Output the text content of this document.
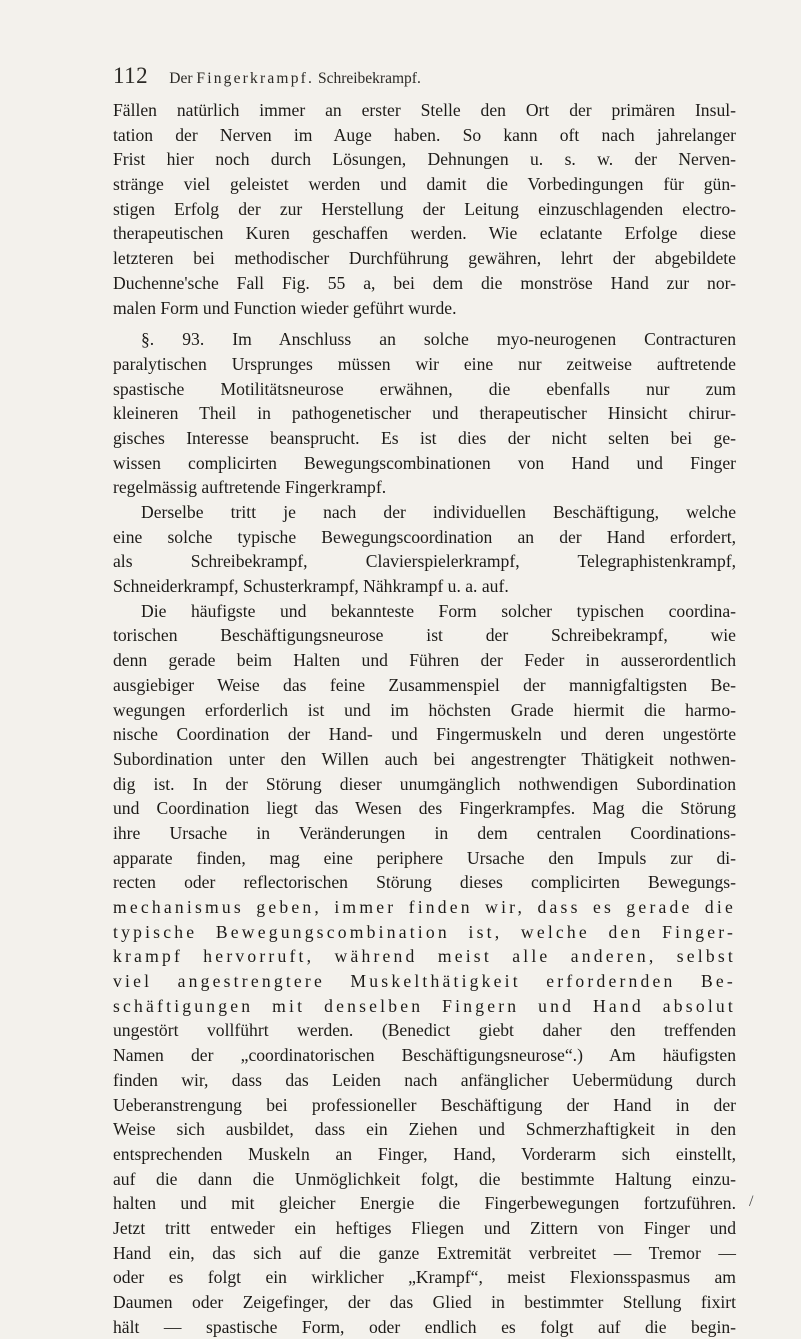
112 Der Fingerkrampf. Schreibekrampf.
Fällen natürlich immer an erster Stelle den Ort der primären Insul-
tation der Nerven im Auge haben. So kann oft nach jahrelanger
Frist hier noch durch Lösungen, Dehnungen u. s. w. der Nerven-
stränge viel geleistet werden und damit die Vorbedingungen für gün-
stigen Erfolg der zur Herstellung der Leitung einzuschlagenden electro-
therapeutischen Kuren geschaffen werden. Wie eclatante Erfolge diese
letzteren bei methodischer Durchführung gewähren, lehrt der abgebildete
Duchenne'sche Fall Fig. 55 a, bei dem die monströse Hand zur nor-
malen Form und Function wieder geführt wurde.
§. 93. Im Anschluss an solche myo-neurogenen Contracturen
paralytischen Ursprunges müssen wir eine nur zeitweise auftretende
spastische Motilitätsneurose erwähnen, die ebenfalls nur zum
kleineren Theil in pathogenetischer und therapeutischer Hinsicht chirur-
gisches Interesse beansprucht. Es ist dies der nicht selten bei ge-
wissen complicirten Bewegungscombinationen von Hand und Finger
regelmässig auftretende Fingerkrampf.
Derselbe tritt je nach der individuellen Beschäftigung, welche
eine solche typische Bewegungscoordination an der Hand erfordert,
als Schreibekrampf, Clavierspielerkrampf, Telegraphistenkrampf,
Schneiderkrampf, Schusterkrampf, Nähkrampf u. a. auf.
Die häufigste und bekannteste Form solcher typischen coordina-
torischen Beschäftigungsneurose ist der Schreibekrampf, wie
denn gerade beim Halten und Führen der Feder in ausserordentlich
ausgiebiger Weise das feine Zusammenspiel der mannigfaltigsten Be-
wegungen erforderlich ist und im höchsten Grade hiermit die harmo-
nische Coordination der Hand- und Fingermuskeln und deren ungestörte
Subordination unter den Willen auch bei angestrengter Thätigkeit nothwen-
dig ist. In der Störung dieser unumgänglich nothwendigen Subordination
und Coordination liegt das Wesen des Fingerkrampfes. Mag die Störung
ihre Ursache in Veränderungen in dem centralen Coordinations-
apparate finden, mag eine periphere Ursache den Impuls zur di-
recten oder reflectorischen Störung dieses complicirten Bewegungs-
mechanismus geben, immer finden wir, dass es gerade die
typische Bewegungscombination ist, welche den Finger-
krampf hervorruft, während meist alle anderen, selbst
viel angestrengtere Muskelthätigkeit erfordernden Be-
schäftigungen mit denselben Fingern und Hand absolut
ungestört vollführt werden. (Benedict giebt daher den treffenden
Namen der „coordinatorischen Beschäftigungsneurose“.) Am häufigsten
finden wir, dass das Leiden nach anfänglicher Uebermüdung durch
Ueberanstrengung bei professioneller Beschäftigung der Hand in der
Weise sich ausbildet, dass ein Ziehen und Schmerzhaftigkeit in den
entsprechenden Muskeln an Finger, Hand, Vorderarm sich einstellt,
auf die dann die Unmöglichkeit folgt, die bestimmte Haltung einzu-
halten und mit gleicher Energie die Fingerbewegungen fortzuführen.
Jetzt tritt entweder ein heftiges Fliegen und Zittern von Finger und
Hand ein, das sich auf die ganze Extremität verbreitet — Tremor —
oder es folgt ein wirklicher „Krampf“, meist Flexionsspasmus am
Daumen oder Zeigefinger, der das Glied in bestimmter Stellung fixirt
hält — spastische Form, oder endlich es folgt auf die begin-
/
